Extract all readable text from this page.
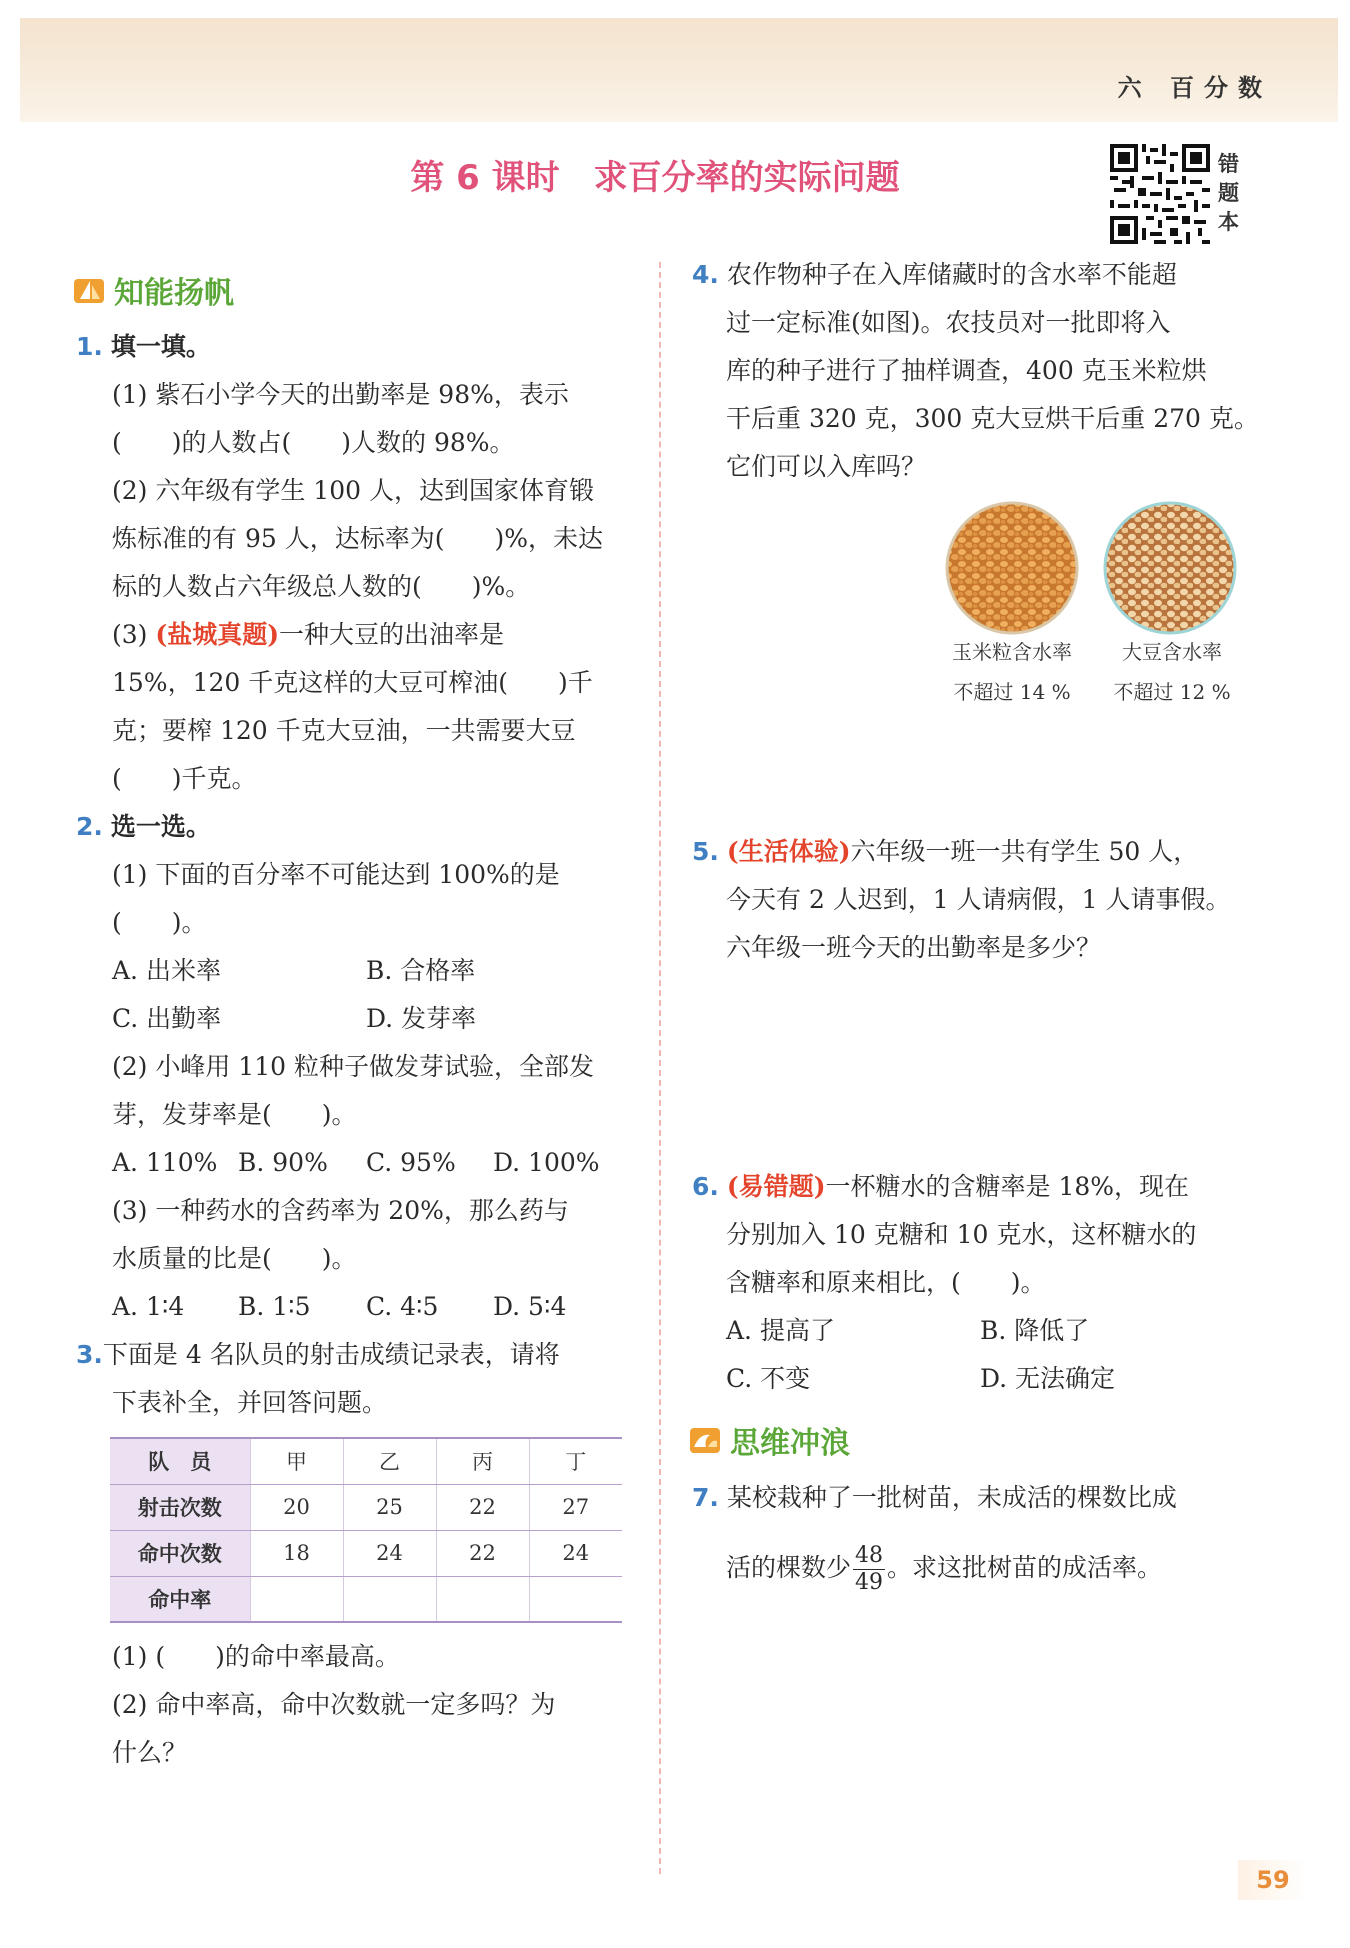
六 百分数
第 6 课时　求百分率的实际问题	错题本
知能扬帆
1. 填一填。
(1) 紫石小学今天的出勤率是 98%，表示
(　　)的人数占(　　)人数的 98%。
(2) 六年级有学生 100 人，达到国家体育锻
炼标准的有 95 人，达标率为(　　)%，未达
标的人数占六年级总人数的(　　)%。
(3) (盐城真题)一种大豆的出油率是
15%，120 千克这样的大豆可榨油(　　)千
克；要榨 120 千克大豆油，一共需要大豆
(　　)千克。
2. 选一选。
(1) 下面的百分率不可能达到 100%的是
(　　)。
A. 出米率	B. 合格率
C. 出勤率	D. 发芽率
(2) 小峰用 110 粒种子做发芽试验，全部发
芽，发芽率是(　　)。
A. 110% B. 90% C. 95% D. 100%
(3) 一种药水的含药率为 20%，那么药与
水质量的比是(　　)。
A. 1∶4 B. 1∶5 C. 4∶5 D. 5∶4
3.下面是 4 名队员的射击成绩记录表，请将
下表补全，并回答问题。
队　员	甲	乙	丙	丁
射击次数	20	25	22	27
命中次数	18	24	22	24
命中率				
(1) (　　)的命中率最高。
(2) 命中率高，命中次数就一定多吗？为
什么？
4. 农作物种子在入库储藏时的含水率不能超
过一定标准(如图)。农技员对一批即将入
库的种子进行了抽样调查，400 克玉米粒烘
干后重 320 克，300 克大豆烘干后重 270 克。
它们可以入库吗？
玉米粒含水率
不超过 14 %
大豆含水率
不超过 12 %
5. (生活体验)六年级一班一共有学生 50 人，
今天有 2 人迟到，1 人请病假，1 人请事假。
六年级一班今天的出勤率是多少？
6. (易错题)一杯糖水的含糖率是 18%，现在
分别加入 10 克糖和 10 克水，这杯糖水的
含糖率和原来相比，(　　)。
A. 提高了	B. 降低了
C. 不变	D. 无法确定
思维冲浪
7. 某校栽种了一批树苗，未成活的棵数比成
活的棵数少 $\frac{48}{49}$ 。求这批树苗的成活率。
59
